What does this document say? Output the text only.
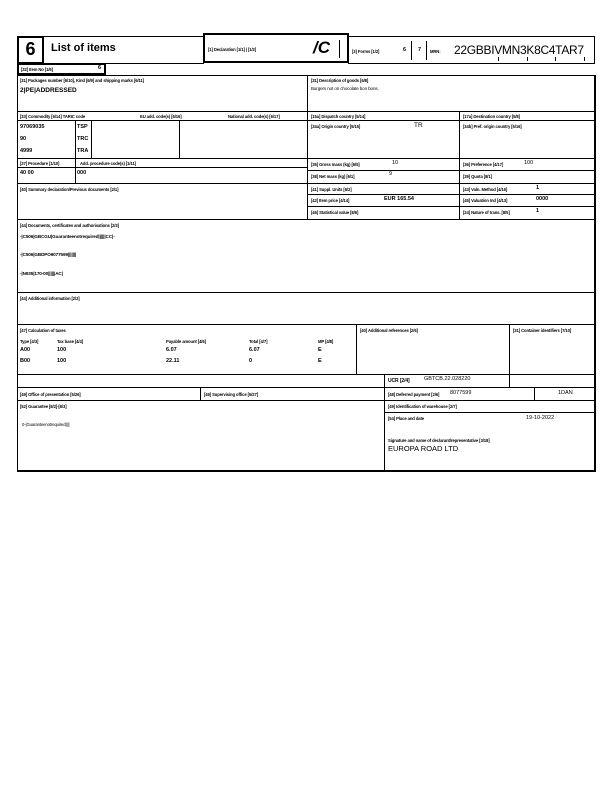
6	List of items	[1] Declaration [1/1] | [1/2]	/C	[3] Forms [1/2]	6 7 MRN: 22GBBIVMN3K8C4TAR7
[32] Item No [1/6]	6
[31] Packages number [6/10], Kind [6/9] and shipping marks [6/11]
2|PE|ADDRESSED
[31] Description of goods [6/8]
Burgers not on chocolate bon bons.
[33] Commodity [6/14] TARIC code	EU add. code(s) [6/16]	National add. code(s) [6/17]
97069035	TSP
90	TRC
4999	TRA
[15a] Dispatch country [5/14]	[17a] Destination country [5/8]
[34a] Origin country [5/15]	TR	[34b] Pref. origin country [5/16]
[37] Procedure [1/10]	Add. procedure code(s) [1/11]
40 00	000
[35] Gross mass (kg) [6/5]	10	[36] Preference [4/17]	100
[38] Net mass (kg) [6/1]	9	[39] Quota [8/1]
[40] Summary declaration/Previous documents [2/1]	[41] Suppl. Units [6/2]	[43] Valn. Method [4/16]	1
[42] Item price [4/14]	EUR 165.54	[45] Valuation Ind [4/13]	0000
[46] Statistical value [8/6]	[24] Nature of trans. [8/5]	1
[44] Documents, certificates and authorisations [2/3]
-|C506|GBCGU|Guaranteenotrequired||||||CC|-
-|C506|GBDPO9077599|||||||
-|N935|170-00||||||AC|
[44] Additional information [2/2]
[47] Calculation of taxes
Type [4/3]	Tax base [4/4]	Payable amount [4/6]	Total [4/7]	MP [4/8]
A00	100	6.07	6.07	E
B00	100	22.11	0	E
[40] Additional references [2/6]	[31] Container identifiers [7/10]
UCR [2/4]	GBTCB.22.028220
[48] Deferred payment [2/6] 8077599	1DAN
[49] Office of presentation [5/26]	[49] Supervising office [5/27]
[52] Guarantee [8/2]-[8/3]
0-|Guaranteenotrequired||||
[49] Identification of warehouse [2/7]
[54] Place and date	19-10-2022
Signature and name of declarant/representative [3/18]
EUROPA ROAD LTD
